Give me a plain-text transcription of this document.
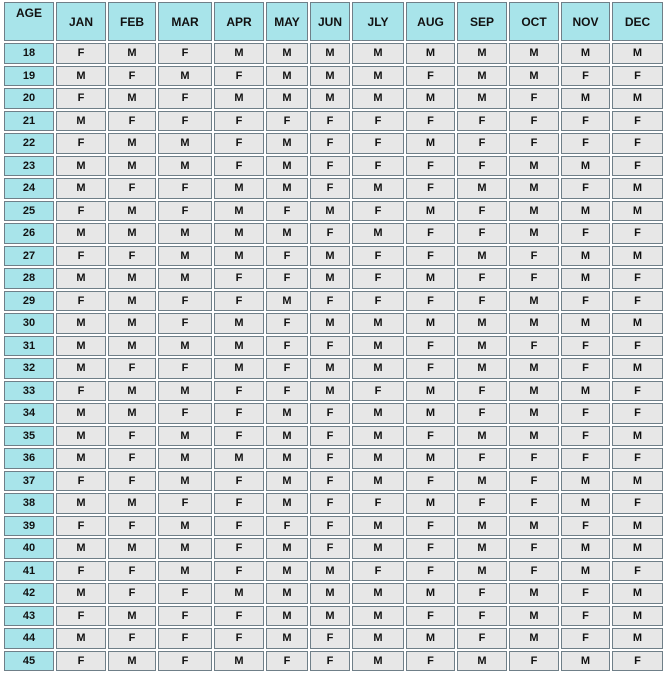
AGE	JAN	FEB	MAR	APR	MAY	JUN	JLY	AUG	SEP	OCT	NOV	DEC
18	F	M	F	M	M	M	M	M	M	M	M	M
19	M	F	M	F	M	M	M	F	M	M	F	F
20	F	M	F	M	M	M	M	M	M	F	M	M
21	M	F	F	F	F	F	F	F	F	F	F	F
22	F	M	M	F	M	F	F	M	F	F	F	F
23	M	M	M	F	M	F	F	F	F	M	M	F
24	M	F	F	M	M	F	M	F	M	M	F	M
25	F	M	F	M	F	M	F	M	F	M	M	M
26	M	M	M	M	M	F	M	F	F	M	F	F
27	F	F	M	M	F	M	F	F	M	F	M	M
28	M	M	M	F	F	M	F	M	F	F	M	F
29	F	M	F	F	M	F	F	F	F	M	F	F
30	M	M	F	M	F	M	M	M	M	M	M	M
31	M	M	M	M	F	F	M	F	M	F	F	F
32	M	F	F	M	F	M	M	F	M	M	F	M
33	F	M	M	F	F	M	F	M	F	M	M	F
34	M	M	F	F	M	F	M	M	F	M	F	F
35	M	F	M	F	M	F	M	F	M	M	F	M
36	M	F	M	M	M	F	M	M	F	F	F	F
37	F	F	M	F	M	F	M	F	M	F	M	M
38	M	M	F	F	M	F	F	M	F	F	M	F
39	F	F	M	F	F	F	M	F	M	M	F	M
40	M	M	M	F	M	F	M	F	M	F	M	M
41	F	F	M	F	M	M	F	F	M	F	M	F
42	M	F	F	M	M	M	M	M	F	M	F	M
43	F	M	F	F	M	M	M	F	F	M	F	M
44	M	F	F	F	M	F	M	M	F	M	F	M
45	F	M	F	M	F	F	M	F	M	F	M	F
